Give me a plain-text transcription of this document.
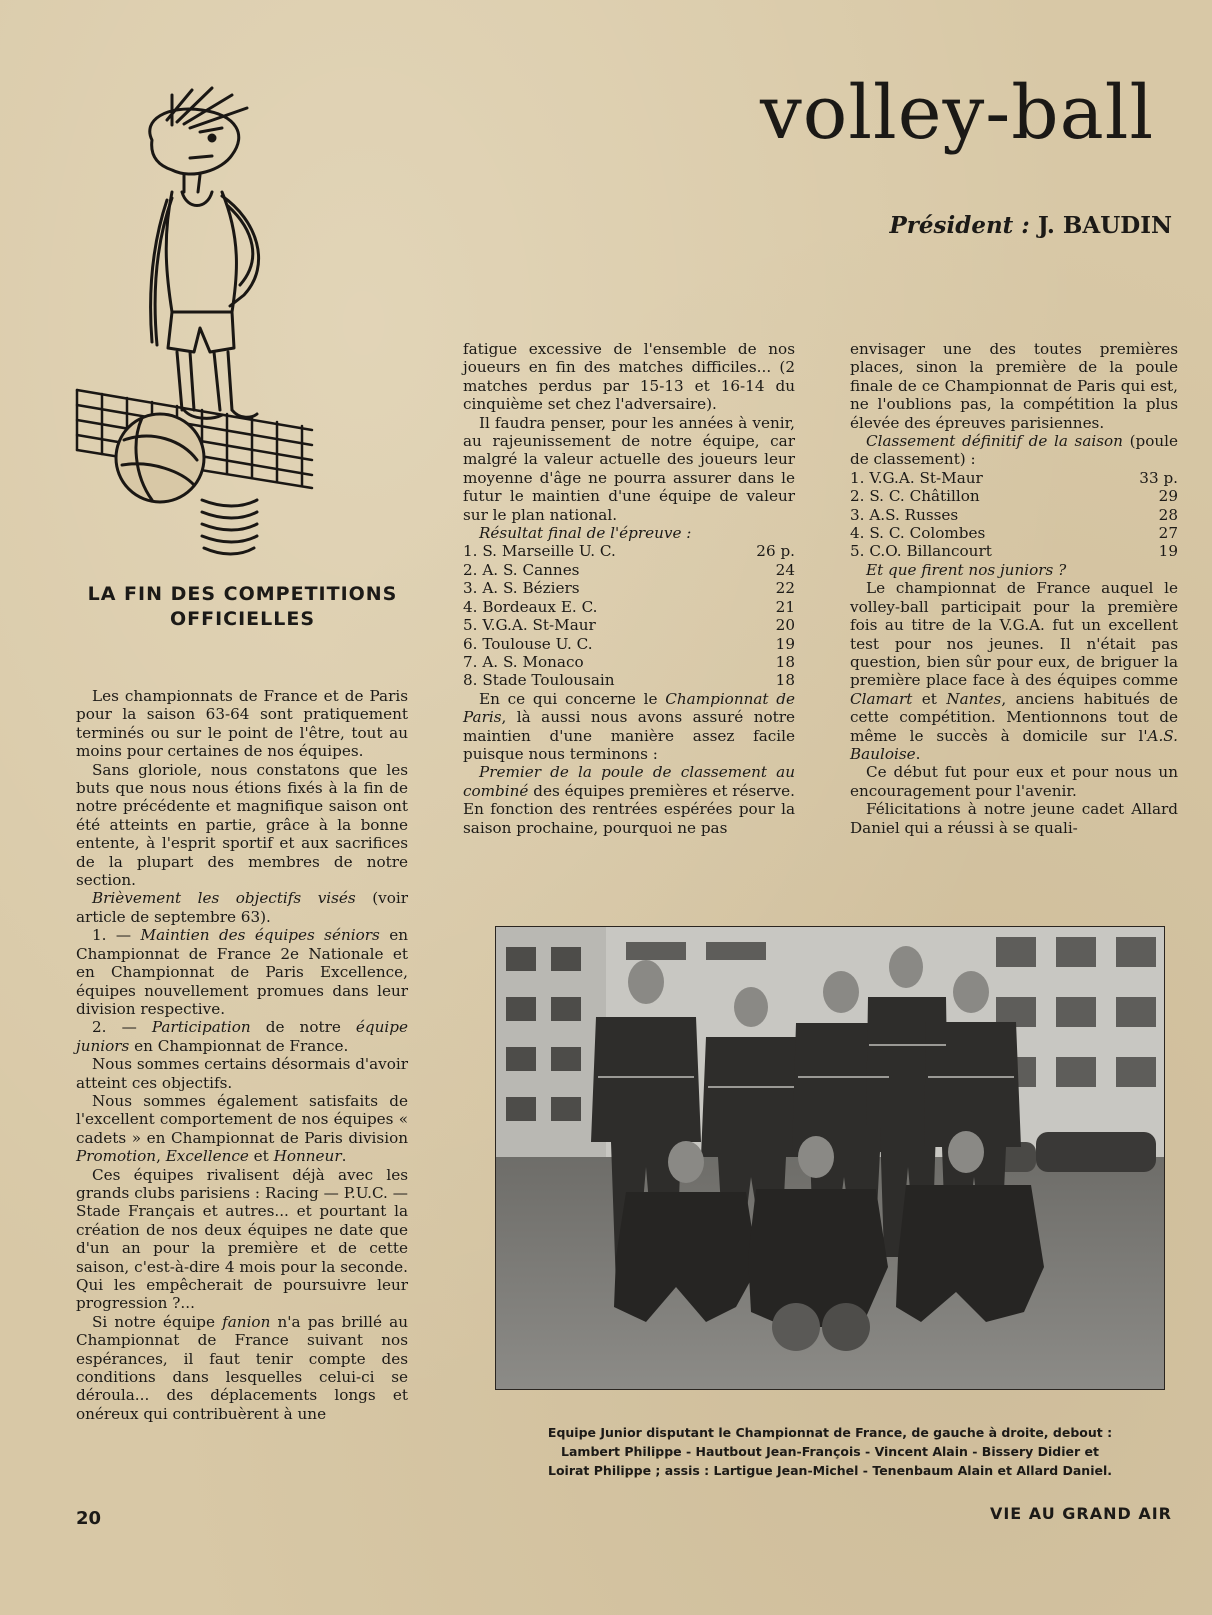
volley-ball
Président : J. BAUDIN
LA FIN DES COMPETITIONS
OFFICIELLES

Les championnats de France et de Paris pour la saison 63-64 sont pratiquement terminés ou sur le point de l'être, tout au moins pour certaines de nos équipes.

Sans gloriole, nous constatons que les buts que nous nous étions fixés à la fin de notre précédente et magnifique saison ont été atteints en partie, grâce à la bonne entente, à l'esprit sportif et aux sacrifices de la plupart des membres de notre section.

Brièvement les objectifs visés (voir article de septembre 63).

1. — Maintien des équipes séniors en Championnat de France 2e Nationale et en Championnat de Paris Excellence, équipes nouvellement promues dans leur division respective.

2. — Participation de notre équipe juniors en Championnat de France.

Nous sommes certains désormais d'avoir atteint ces objectifs.

Nous sommes également satisfaits de l'excellent comportement de nos équipes « cadets » en Championnat de Paris division Promotion, Excellence et Honneur.

Ces équipes rivalisent déjà avec les grands clubs parisiens : Racing — P.U.C. — Stade Français et autres... et pourtant la création de nos deux équipes ne date que d'un an pour la première et de cette saison, c'est-à-dire 4 mois pour la seconde. Qui les empêcherait de poursuivre leur progression ?...

Si notre équipe fanion n'a pas brillé au Championnat de France suivant nos espérances, il faut tenir compte des conditions dans lesquelles celui-ci se déroula... des déplacements longs et onéreux qui contribuèrent à une

fatigue excessive de l'ensemble de nos joueurs en fin des matches difficiles... (2 matches perdus par 15-13 et 16-14 du cinquième set chez l'adversaire).

Il faudra penser, pour les années à venir, au rajeunissement de notre équipe, car malgré la valeur actuelle des joueurs leur moyenne d'âge ne pourra assurer dans le futur le maintien d'une équipe de valeur sur le plan national.

Résultat final de l'épreuve :

1. S. Marseille U. C.	26 p.
2. A. S. Cannes	24
3. A. S. Béziers	22
4. Bordeaux E. C.	21
5. V.G.A. St-Maur	20
6. Toulouse U. C.	19
7. A. S. Monaco	18
8. Stade Toulousain	18

En ce qui concerne le Championnat de Paris, là aussi nous avons assuré notre maintien d'une manière assez facile puisque nous terminons :

Premier de la poule de classement au combiné des équipes premières et réserve.

En fonction des rentrées espérées pour la saison prochaine, pourquoi ne pas

envisager une des toutes premières places, sinon la première de la poule finale de ce Championnat de Paris qui est, ne l'oublions pas, la compétition la plus élevée des épreuves parisiennes.

Classement définitif de la saison (poule de classement) :

1. V.G.A. St-Maur	33 p.
2. S. C. Châtillon	29
3. A.S. Russes	28
4. S. C. Colombes	27
5. C.O. Billancourt	19

Et que firent nos juniors ?

Le championnat de France auquel le volley-ball participait pour la première fois au titre de la V.G.A. fut un excellent test pour nos jeunes. Il n'était pas question, bien sûr pour eux, de briguer la première place face à des équipes comme Clamart et Nantes, anciens habitués de cette compétition. Mentionnons tout de même le succès à domicile sur l'A.S. Bauloise.

Ce début fut pour eux et pour nous un encouragement pour l'avenir.

Félicitations à notre jeune cadet Allard Daniel qui a réussi à se quali-

Equipe Junior disputant le Championnat de France, de gauche à droite, debout :
Lambert Philippe - Hautbout Jean-François - Vincent Alain - Bissery Didier et
Loirat Philippe ; assis : Lartigue Jean-Michel - Tenenbaum Alain et Allard Daniel.
20	VIE AU GRAND AIR
